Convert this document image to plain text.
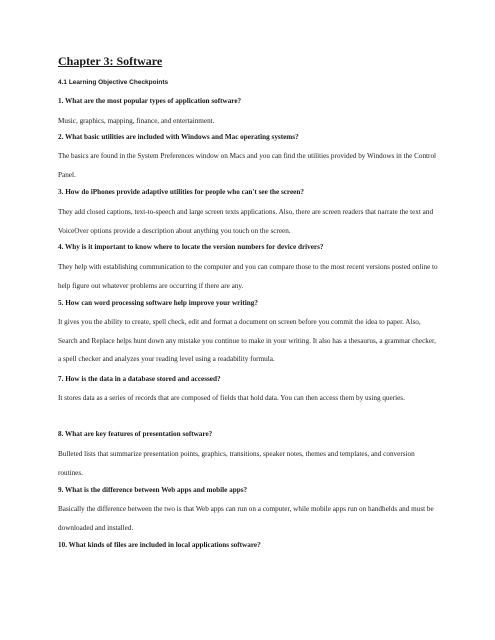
Chapter 3: Software
4.1 Learning Objective Checkpoints
1. What are the most popular types of application software?
Music, graphics, mapping, finance, and entertainment.
2. What basic utilities are included with Windows and Mac operating systems?
The basics are found in the System Preferences window on Macs and you can find the utilities provided by Windows in the Control Panel.
3. How do iPhones provide adaptive utilities for people who can't see the screen?
They add closed captions, text-to-speech and large screen texts applications. Also, there are screen readers that narrate the text and VoiceOver options provide a description about anything you touch on the screen.
4. Why is it important to know where to locate the version numbers for device drivers?
They help with establishing communication to the computer and you can compare those to the most recent versions posted online to help figure out whatever problems are occurring if there are any.
5. How can word processing software help improve your writing?
It gives you the ability to create, spell check, edit and format a document on screen before you commit the idea to paper. Also, Search and Replace helps hunt down any mistake you continue to make in your writing. It also has a thesaurus, a grammar checker, a spell checker and analyzes your reading level using a readability formula.
7. How is the data in a database stored and accessed?
It stores data as a series of records that are composed of fields that hold data. You can then access them by using queries.
8. What are key features of presentation software?
Bulleted lists that summarize presentation points, graphics, transitions, speaker notes, themes and templates, and conversion routines.
9. What is the difference between Web apps and mobile apps?
Basically the difference between the two is that Web apps can run on a computer, while mobile apps run on handhelds and must be downloaded and installed.
10. What kinds of files are included in local applications software?
